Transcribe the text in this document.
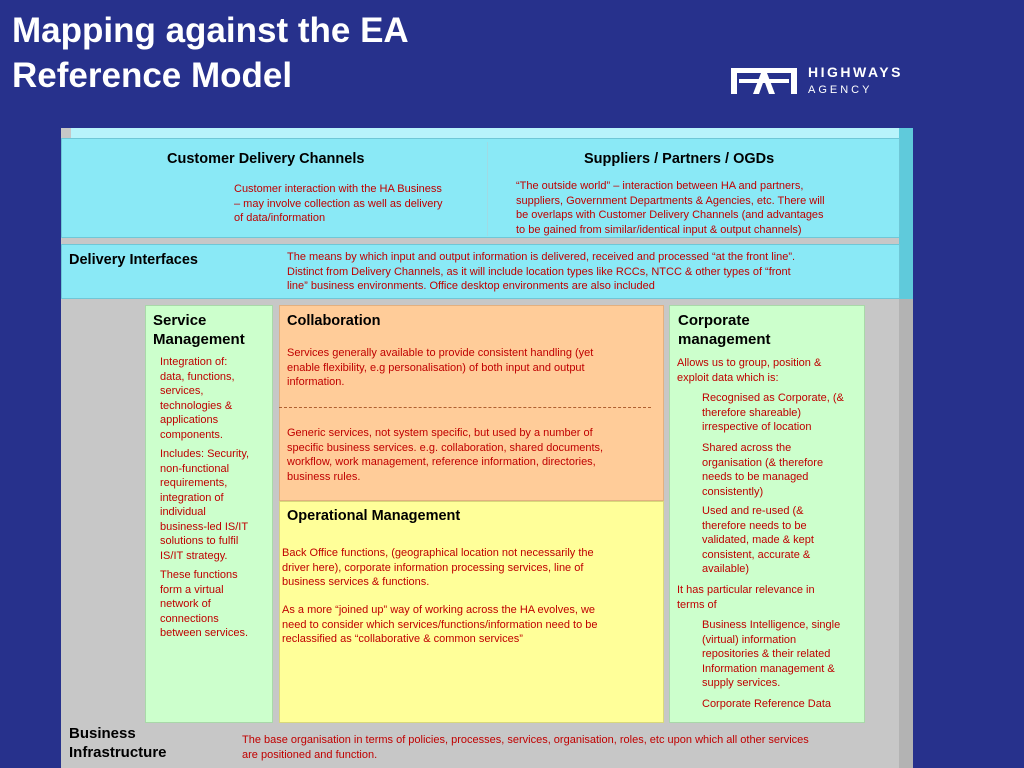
Mapping against the EA
Reference Model	HIGHWAYS
AGENCY
Customer Delivery Channels
Customer interaction with the HA Business
– may involve collection as well as delivery
of data/information
Suppliers / Partners / OGDs
“The outside world” – interaction between HA and partners,
suppliers, Government Departments & Agencies, etc. There will
be overlaps with Customer Delivery Channels (and advantages
to be gained from similar/identical input & output channels)
Delivery Interfaces	The means by which input and output information is delivered, received and processed “at the front line”.
Distinct from Delivery Channels, as it will include location types like RCCs, NTCC & other types of “front
line” business environments. Office desktop environments are also included
Service
Management
Integration of:
data, functions,
services,
technologies &
applications
components.
Includes: Security,
non-functional
requirements,
integration of
individual
business-led IS/IT
solutions to fulfil
IS/IT strategy.
These functions
form a virtual
network of
connections
between services.
Collaboration
Services generally available to provide consistent handling (yet
enable flexibility, e.g personalisation) of both input and output
information.
Generic services, not system specific, but used by a number of
specific business services. e.g. collaboration, shared documents,
workflow, work management, reference information, directories,
business rules.
Operational Management
Back Office functions, (geographical location not necessarily the
driver here), corporate information processing services, line of
business services & functions.
As a more “joined up” way of working across the HA evolves, we
need to consider which services/functions/information need to be
reclassified as “collaborative & common services”
Corporate
management
Allows us to group, position &
exploit data which is:
Recognised as Corporate, (&
therefore shareable)
irrespective of location
Shared across the
organisation (& therefore
needs to be managed
consistently)
Used and re-used (&
therefore needs to be
validated, made & kept
consistent, accurate &
available)
It has particular relevance in
terms of
Business Intelligence, single
(virtual) information
repositories & their related
Information management &
supply services.
Corporate Reference Data
Business
Infrastructure
The base organisation in terms of policies, processes, services, organisation, roles, etc upon which all other services
are positioned and function.
